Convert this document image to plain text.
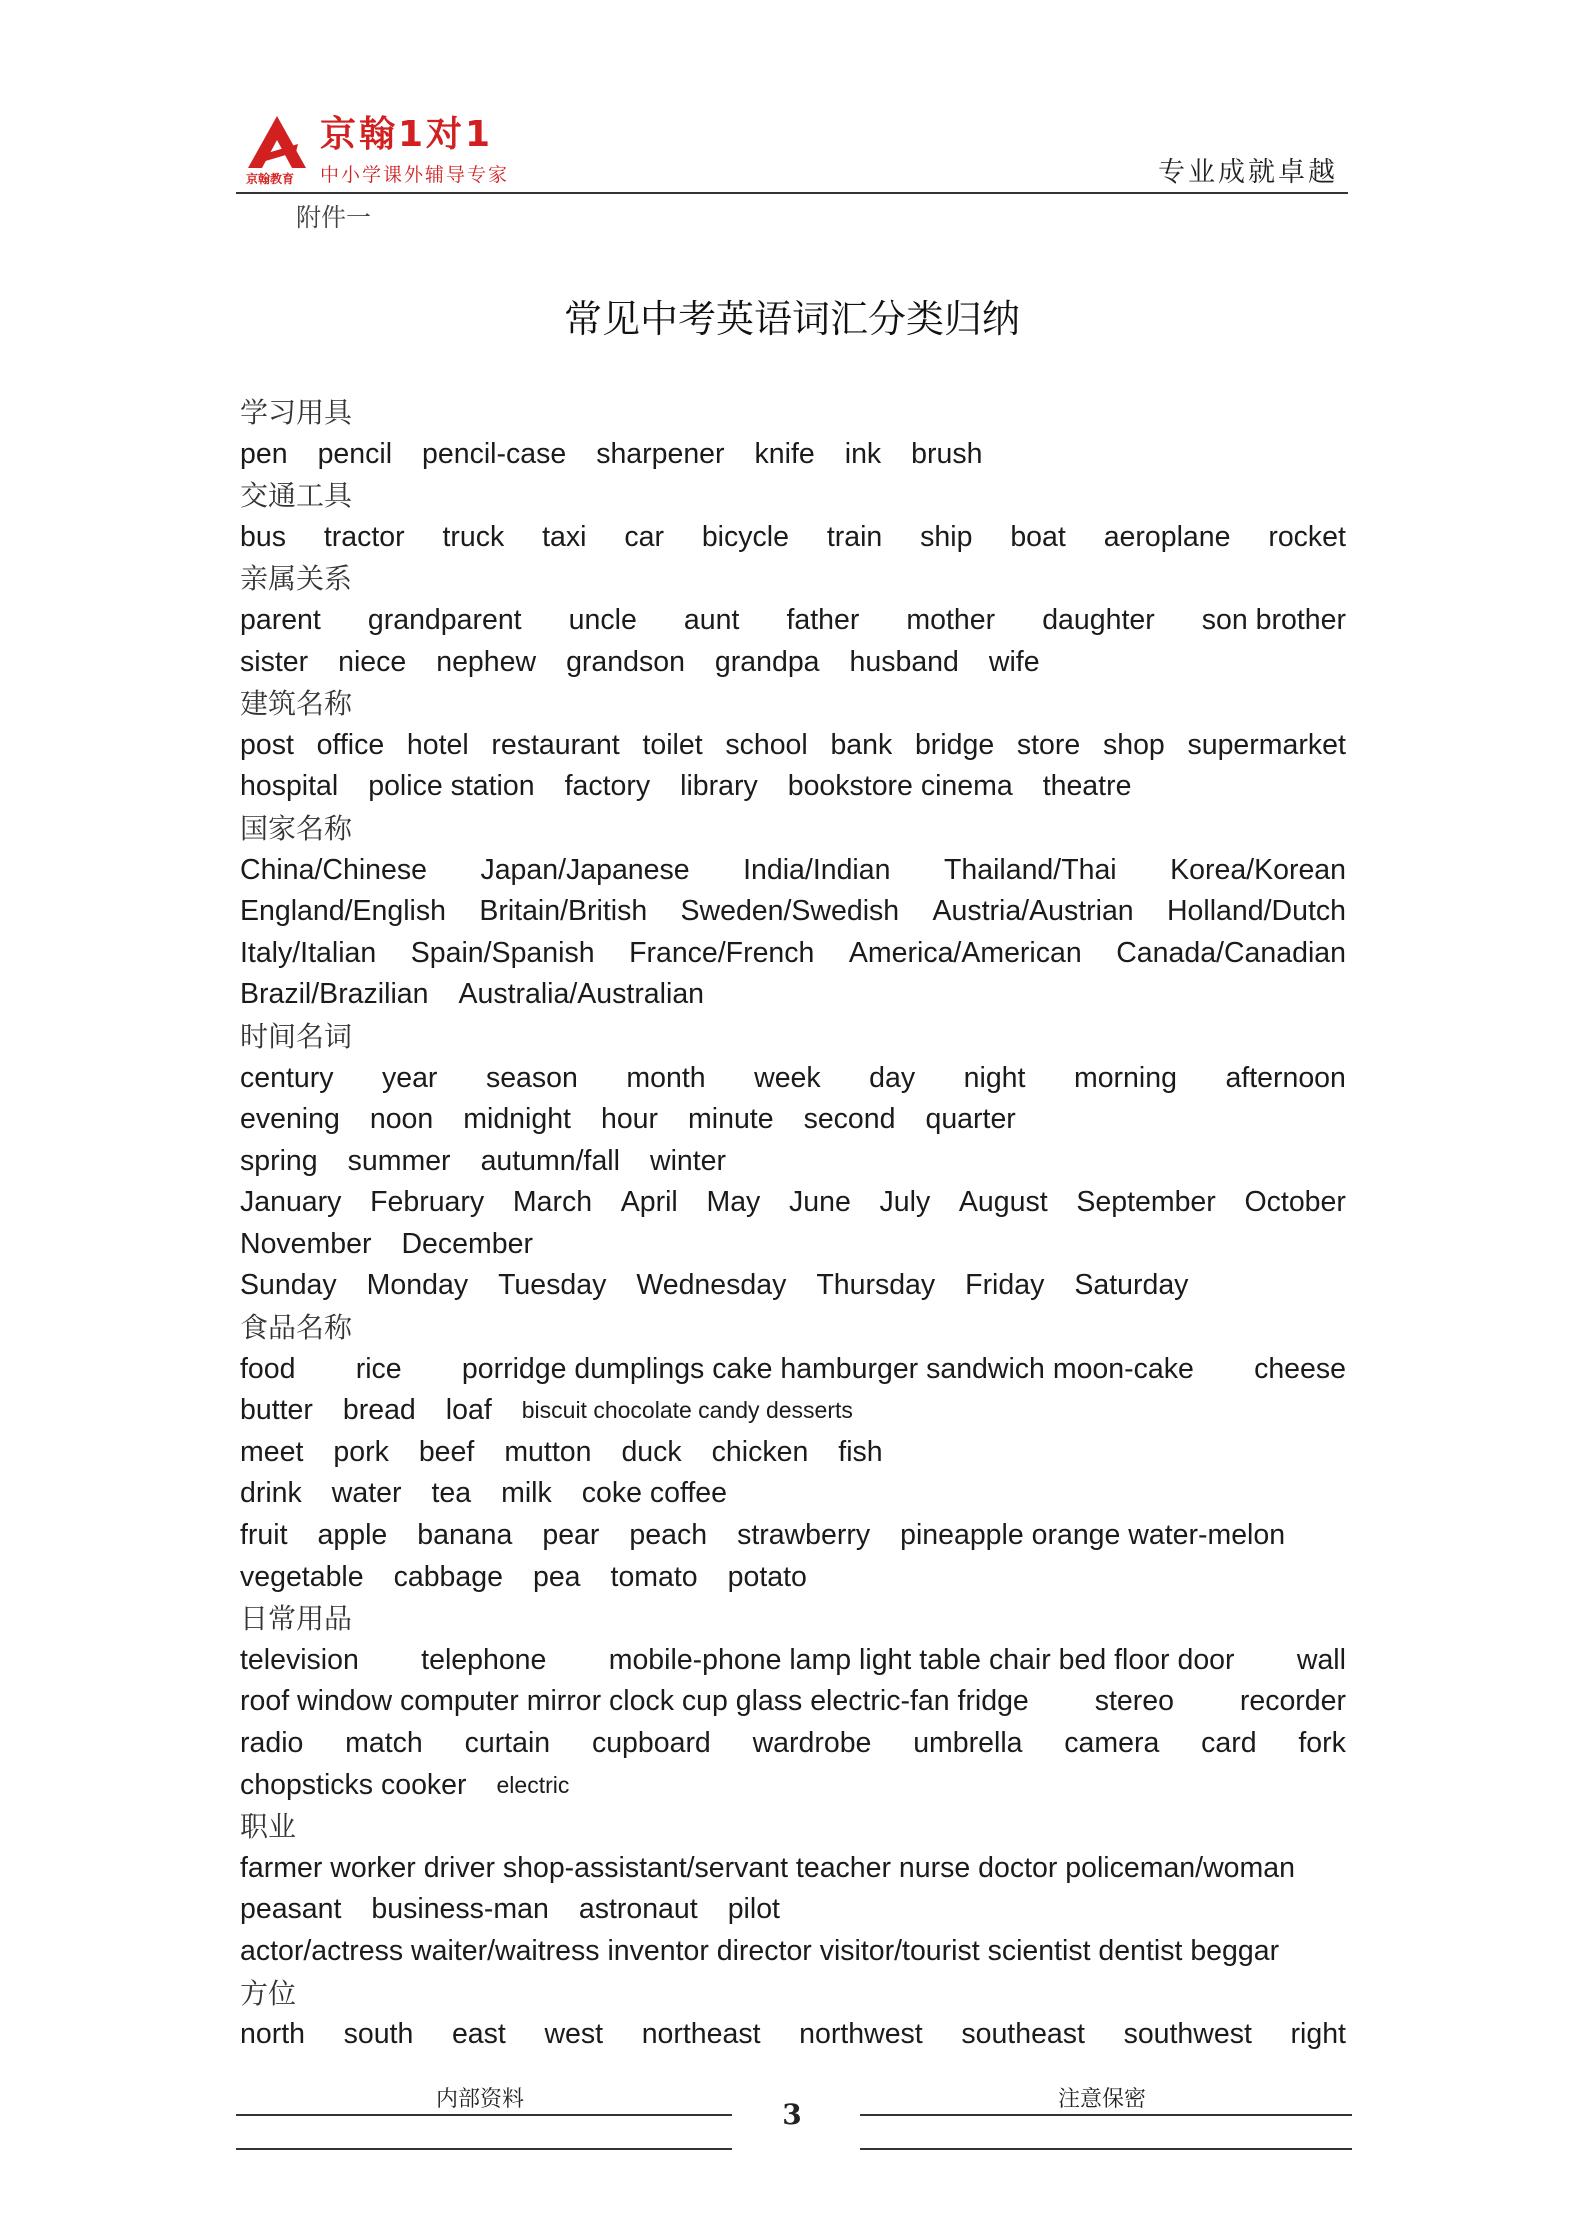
京翰1对1
京翰教育 中小学课外辅导专家	专业成就卓越
附件一
常见中考英语词汇分类归纳
学习用具
pen pencil pencil-case sharpener knife ink brush
交通工具
bus tractor truck taxi car bicycle train ship boat aeroplane rocket
亲属关系
parent grandparent uncle aunt father mother daughter son brother
sister niece nephew grandson grandpa husband wife
建筑名称
post office hotel restaurant toilet school bank bridge store shop supermarket
hospital police station factory library bookstore cinema theatre
国家名称
China/Chinese Japan/Japanese India/Indian Thailand/Thai Korea/Korean
England/English Britain/British Sweden/Swedish Austria/Austrian Holland/Dutch
Italy/Italian Spain/Spanish France/French America/American Canada/Canadian
Brazil/Brazilian Australia/Australian
时间名词
century year season month week day night morning afternoon
evening noon midnight hour minute second quarter
spring summer autumn/fall winter
January February March April May June July August September October
November December
Sunday Monday Tuesday Wednesday Thursday Friday Saturday
食品名称
food rice porridge dumplings cake hamburger sandwich moon-cake cheese
butter bread loaf biscuit chocolate candy desserts
meet pork beef mutton duck chicken fish
drink water tea milk coke coffee
fruit apple banana pear peach strawberry pineapple orange water-melon
vegetable cabbage pea tomato potato
日常用品
television telephone mobile-phone lamp light table chair bed floor door wall
roof window computer mirror clock cup glass electric-fan fridge stereo recorder
radio match curtain cupboard wardrobe umbrella camera card fork
chopsticks cooker electric
职业
farmer worker driver shop-assistant/servant teacher nurse doctor policeman/woman
peasant business-man astronaut pilot
actor/actress waiter/waitress inventor director visitor/tourist scientist dentist beggar
方位
north south east west northeast northwest southeast southwest right
内部资料	注意保密
3
